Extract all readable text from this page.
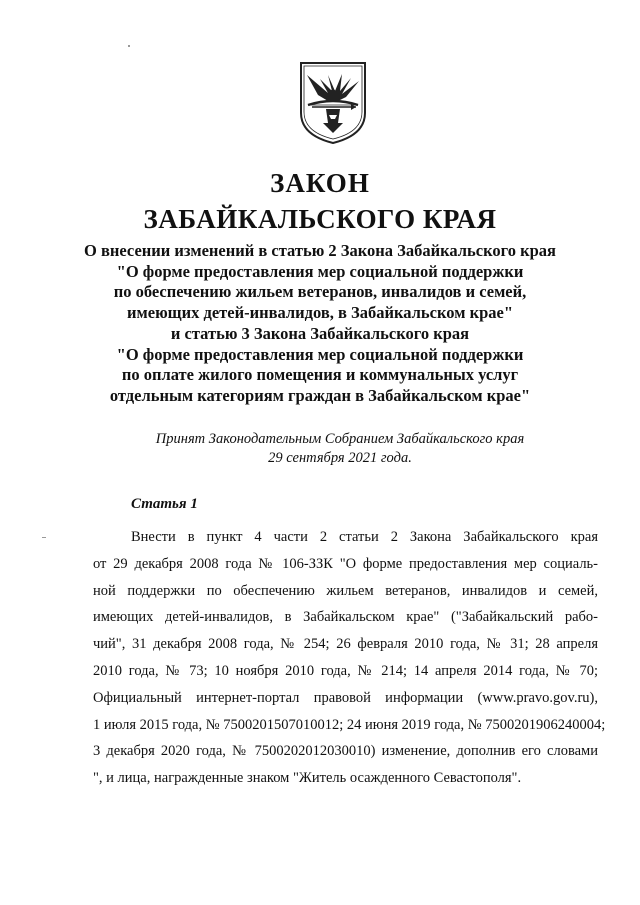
ЗАКОН
ЗАБАЙКАЛЬСКОГО КРАЯ
О внесении изменений в статью 2 Закона Забайкальского края
"О форме предоставления мер социальной поддержки
по обеспечению жильем ветеранов, инвалидов и семей,
имеющих детей-инвалидов, в Забайкальском крае"
и статью 3 Закона Забайкальского края
"О форме предоставления мер социальной поддержки
по оплате жилого помещения и коммунальных услуг
отдельным категориям граждан в Забайкальском крае"
Принят Законодательным Собранием Забайкальского края
29 сентября 2021 года.
Статья 1
Внести в пункт 4 части 2 статьи 2 Закона Забайкальского края
от 29 декабря 2008 года № 106-ЗЗК "О форме предоставления мер социаль-
ной поддержки по обеспечению жильем ветеранов, инвалидов и семей,
имеющих детей-инвалидов, в Забайкальском крае" ("Забайкальский рабо-
чий", 31 декабря 2008 года, № 254; 26 февраля 2010 года, № 31; 28 апреля
2010 года, № 73; 10 ноября 2010 года, № 214; 14 апреля 2014 года, № 70;
Официальный интернет-портал правовой информации (www.pravo.gov.ru),
1 июля 2015 года, № 7500201507010012; 24 июня 2019 года, № 7500201906240004;
3 декабря 2020 года, № 7500202012030010) изменение, дополнив его словами
", и лица, награжденные знаком "Житель осажденного Севастополя".
